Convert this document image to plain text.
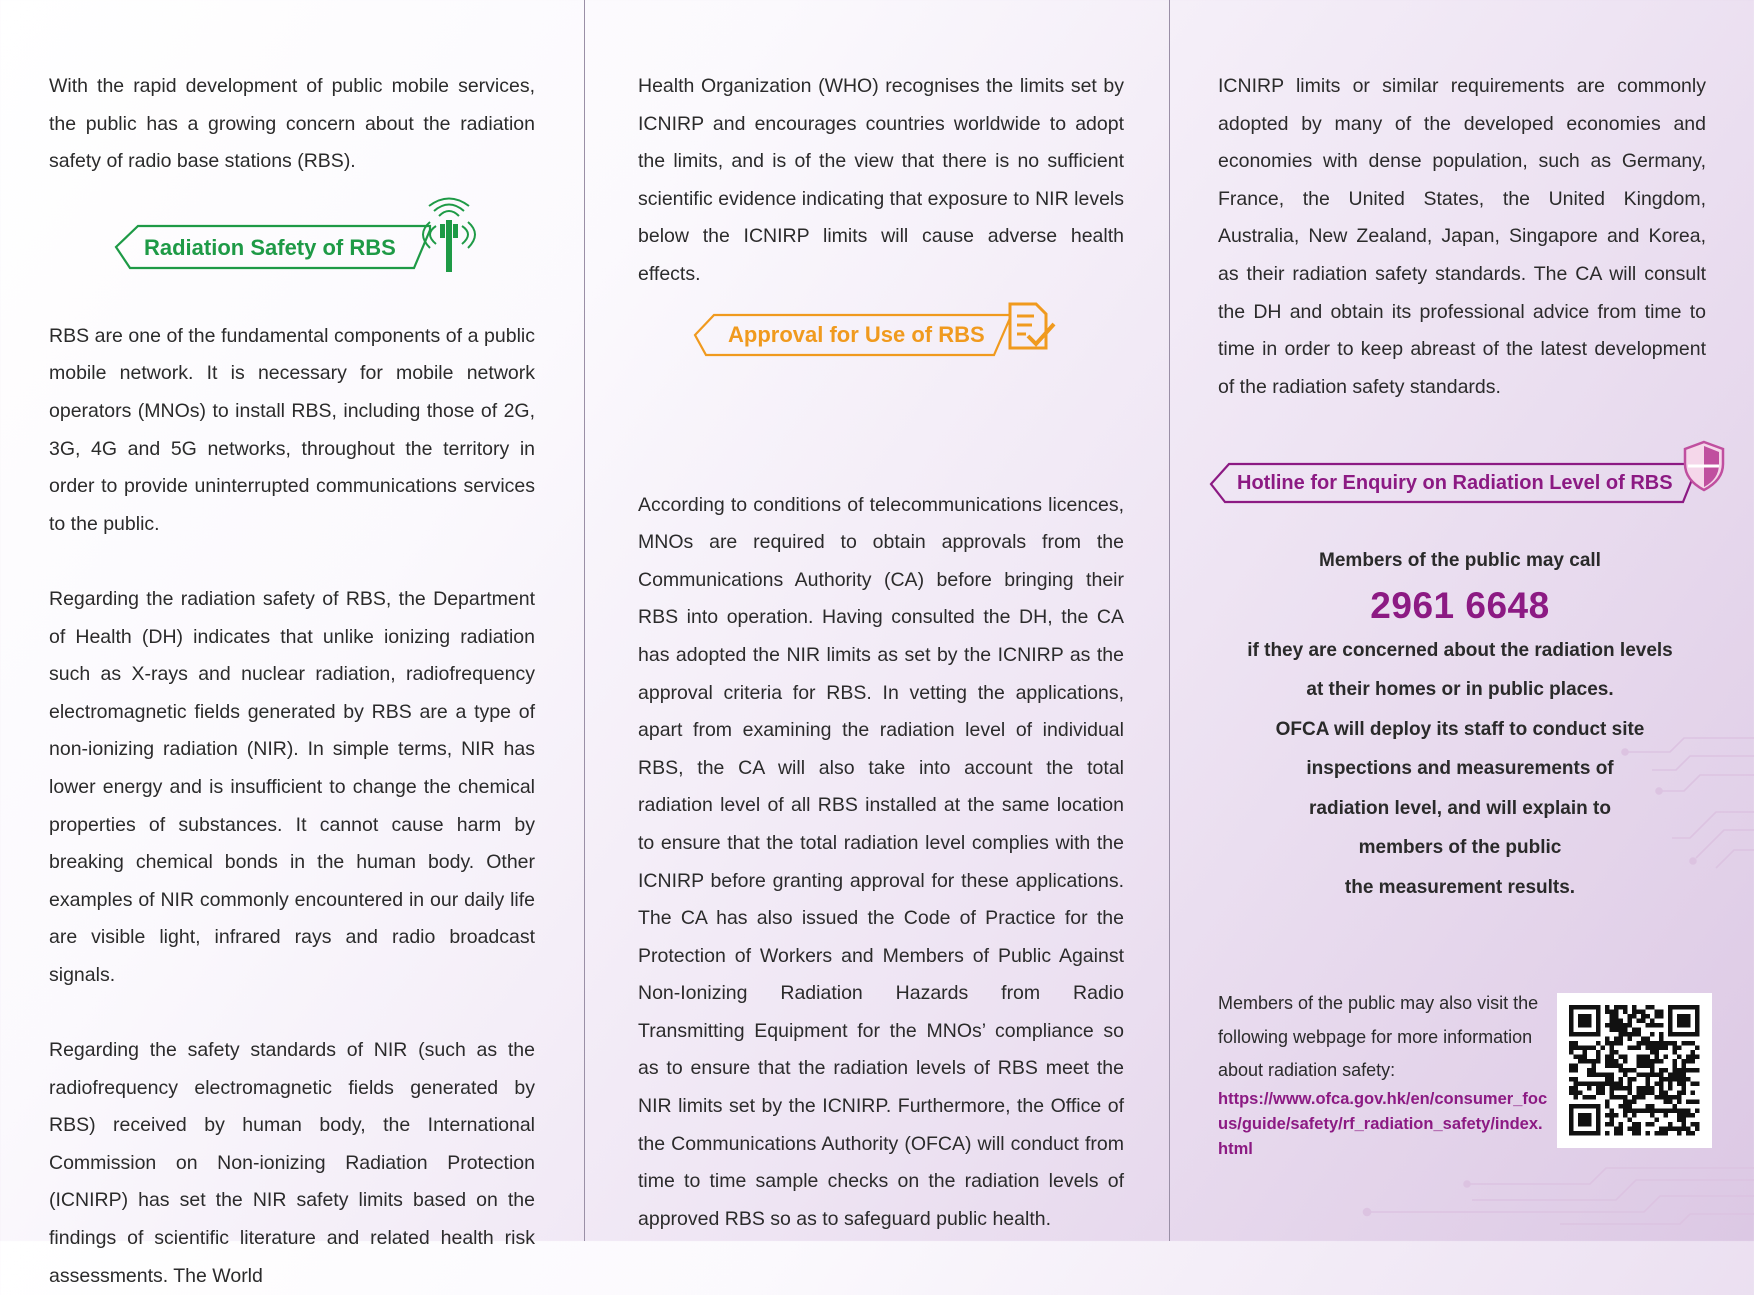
With the rapid development of public mobile services, the public has a growing concern about the radiation safety of radio base stations (RBS).

RBS are one of the fundamental components of a public mobile network. It is necessary for mobile network operators (MNOs) to install RBS, including those of 2G, 3G, 4G and 5G networks, throughout the territory in order to provide uninterrupted communications services to the public.

Regarding the radiation safety of RBS, the Department of Health (DH) indicates that unlike ionizing radiation such as X-rays and nuclear radiation, radiofrequency electromagnetic fields generated by RBS are a type of non-ionizing radiation (NIR). In simple terms, NIR has lower energy and is insufficient to change the chemical properties of substances. It cannot cause harm by breaking chemical bonds in the human body. Other examples of NIR commonly encountered in our daily life are visible light, infrared rays and radio broadcast signals.

Regarding the safety standards of NIR (such as the radiofrequency electromagnetic fields generated by RBS) received by human body, the International Commission on Non-ionizing Radiation Protection (ICNIRP) has set the NIR safety limits based on the findings of scientific literature and related health risk assessments. The World

Radiation Safety of RBS

Health Organization (WHO) recognises the limits set by ICNIRP and encourages countries worldwide to adopt the limits, and is of the view that there is no sufficient scientific evidence indicating that exposure to NIR levels below the ICNIRP limits will cause adverse health effects.

According to conditions of telecommunications licences, MNOs are required to obtain approvals from the Communications Authority (CA) before bringing their RBS into operation. Having consulted the DH, the CA has adopted the NIR limits as set by the ICNIRP as the approval criteria for RBS. In vetting the applications, apart from examining the radiation level of individual RBS, the CA will also take into account the total radiation level of all RBS installed at the same location to ensure that the total radiation level complies with the ICNIRP before granting approval for these applications. The CA has also issued the Code of Practice for the Protection of Workers and Members of Public Against Non-Ionizing Radiation Hazards from Radio Transmitting Equipment for the MNOs’ compliance so as to ensure that the radiation levels of RBS meet the NIR limits set by the ICNIRP. Furthermore, the Office of the Communications Authority (OFCA) will conduct from time to time sample checks on the radiation levels of approved RBS so as to safeguard public health.

Approval for Use of RBS

ICNIRP limits or similar requirements are commonly adopted by many of the developed economies and economies with dense population, such as Germany, France, the United States, the United Kingdom, Australia, New Zealand, Japan, Singapore and Korea, as their radiation safety standards. The CA will consult the DH and obtain its professional advice from time to time in order to keep abreast of the latest development of the radiation safety standards.

Hotline for Enquiry on Radiation Level of RBS
Members of the public may call
2961 6648
if they are concerned about the radiation levels
at their homes or in public places.
OFCA will deploy its staff to conduct site
inspections and measurements of
radiation level, and will explain to
members of the public
the measurement results.
Members of the public may also visit the following webpage for more information about radiation safety:
https://www.ofca.gov.hk/en/consumer_focus/guide/safety/rf_radiation_safety/index.html
